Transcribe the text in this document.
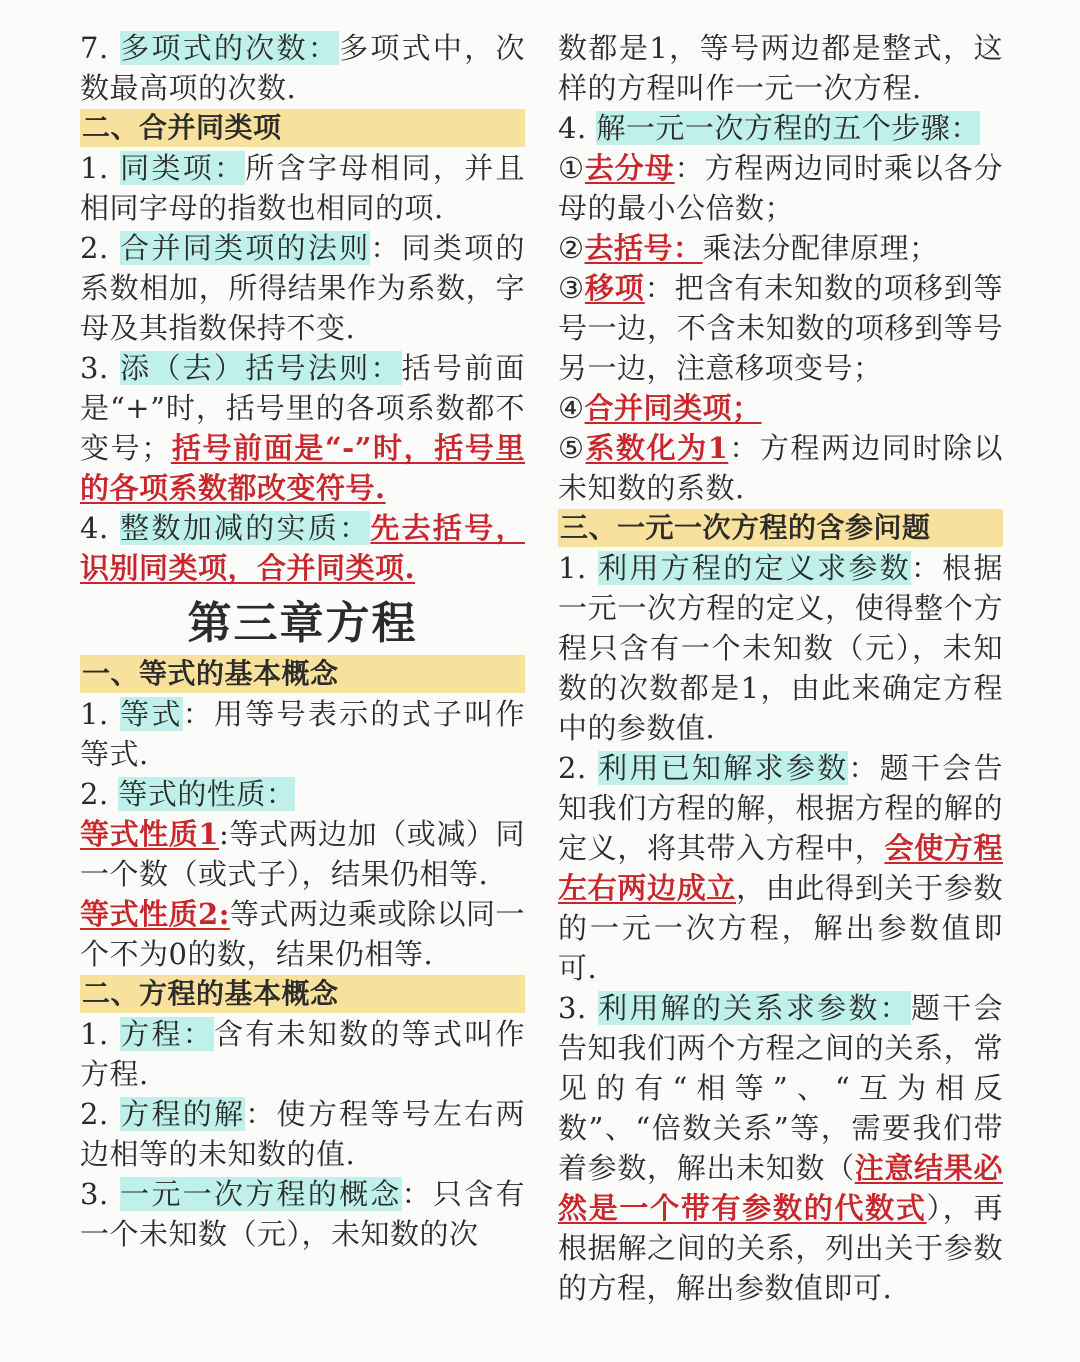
7. 多项式的次数：多项式中，次数最高项的次数.

二、合并同类项

1. 同类项：所含字母相同，并且相同字母的指数也相同的项.

2. 合并同类项的法则：同类项的系数相加，所得结果作为系数，字母及其指数保持不变.

3. 添（去）括号法则：括号前面是“+”时，括号里的各项系数都不变号；括号前面是“-”时，括号里的各项系数都改变符号.

4. 整数加减的实质：先去括号，识别同类项，合并同类项.

第三章方程

一、等式的基本概念

1. 等式：用等号表示的式子叫作等式.

2. 等式的性质：

等式性质1:等式两边加（或减）同一个数（或式子），结果仍相等.

等式性质2:等式两边乘或除以同一个不为0的数，结果仍相等.

二、方程的基本概念

1. 方程：含有未知数的等式叫作方程.

2. 方程的解：使方程等号左右两边相等的未知数的值.

3. 一元一次方程的概念：只含有一个未知数（元），未知数的次

数都是1，等号两边都是整式，这样的方程叫作一元一次方程.

4. 解一元一次方程的五个步骤：

①去分母：方程两边同时乘以各分母的最小公倍数；

②去括号：乘法分配律原理；

③移项：把含有未知数的项移到等号一边，不含未知数的项移到等号另一边，注意移项变号；

④合并同类项；

⑤系数化为1：方程两边同时除以未知数的系数.

三、一元一次方程的含参问题

1. 利用方程的定义求参数：根据一元一次方程的定义，使得整个方程只含有一个未知数（元），未知数的次数都是1，由此来确定方程中的参数值.

2. 利用已知解求参数：题干会告知我们方程的解，根据方程的解的定义，将其带入方程中，会使方程左右两边成立，由此得到关于参数的一元一次方程，解出参数值即可.

3. 利用解的关系求参数：题干会告知我们两个方程之间的关系，常见的有“相等”、“互为相反数”、“倍数关系”等，需要我们带着参数，解出未知数（注意结果必然是一个带有参数的代数式），再根据解之间的关系，列出关于参数的方程，解出参数值即可.
